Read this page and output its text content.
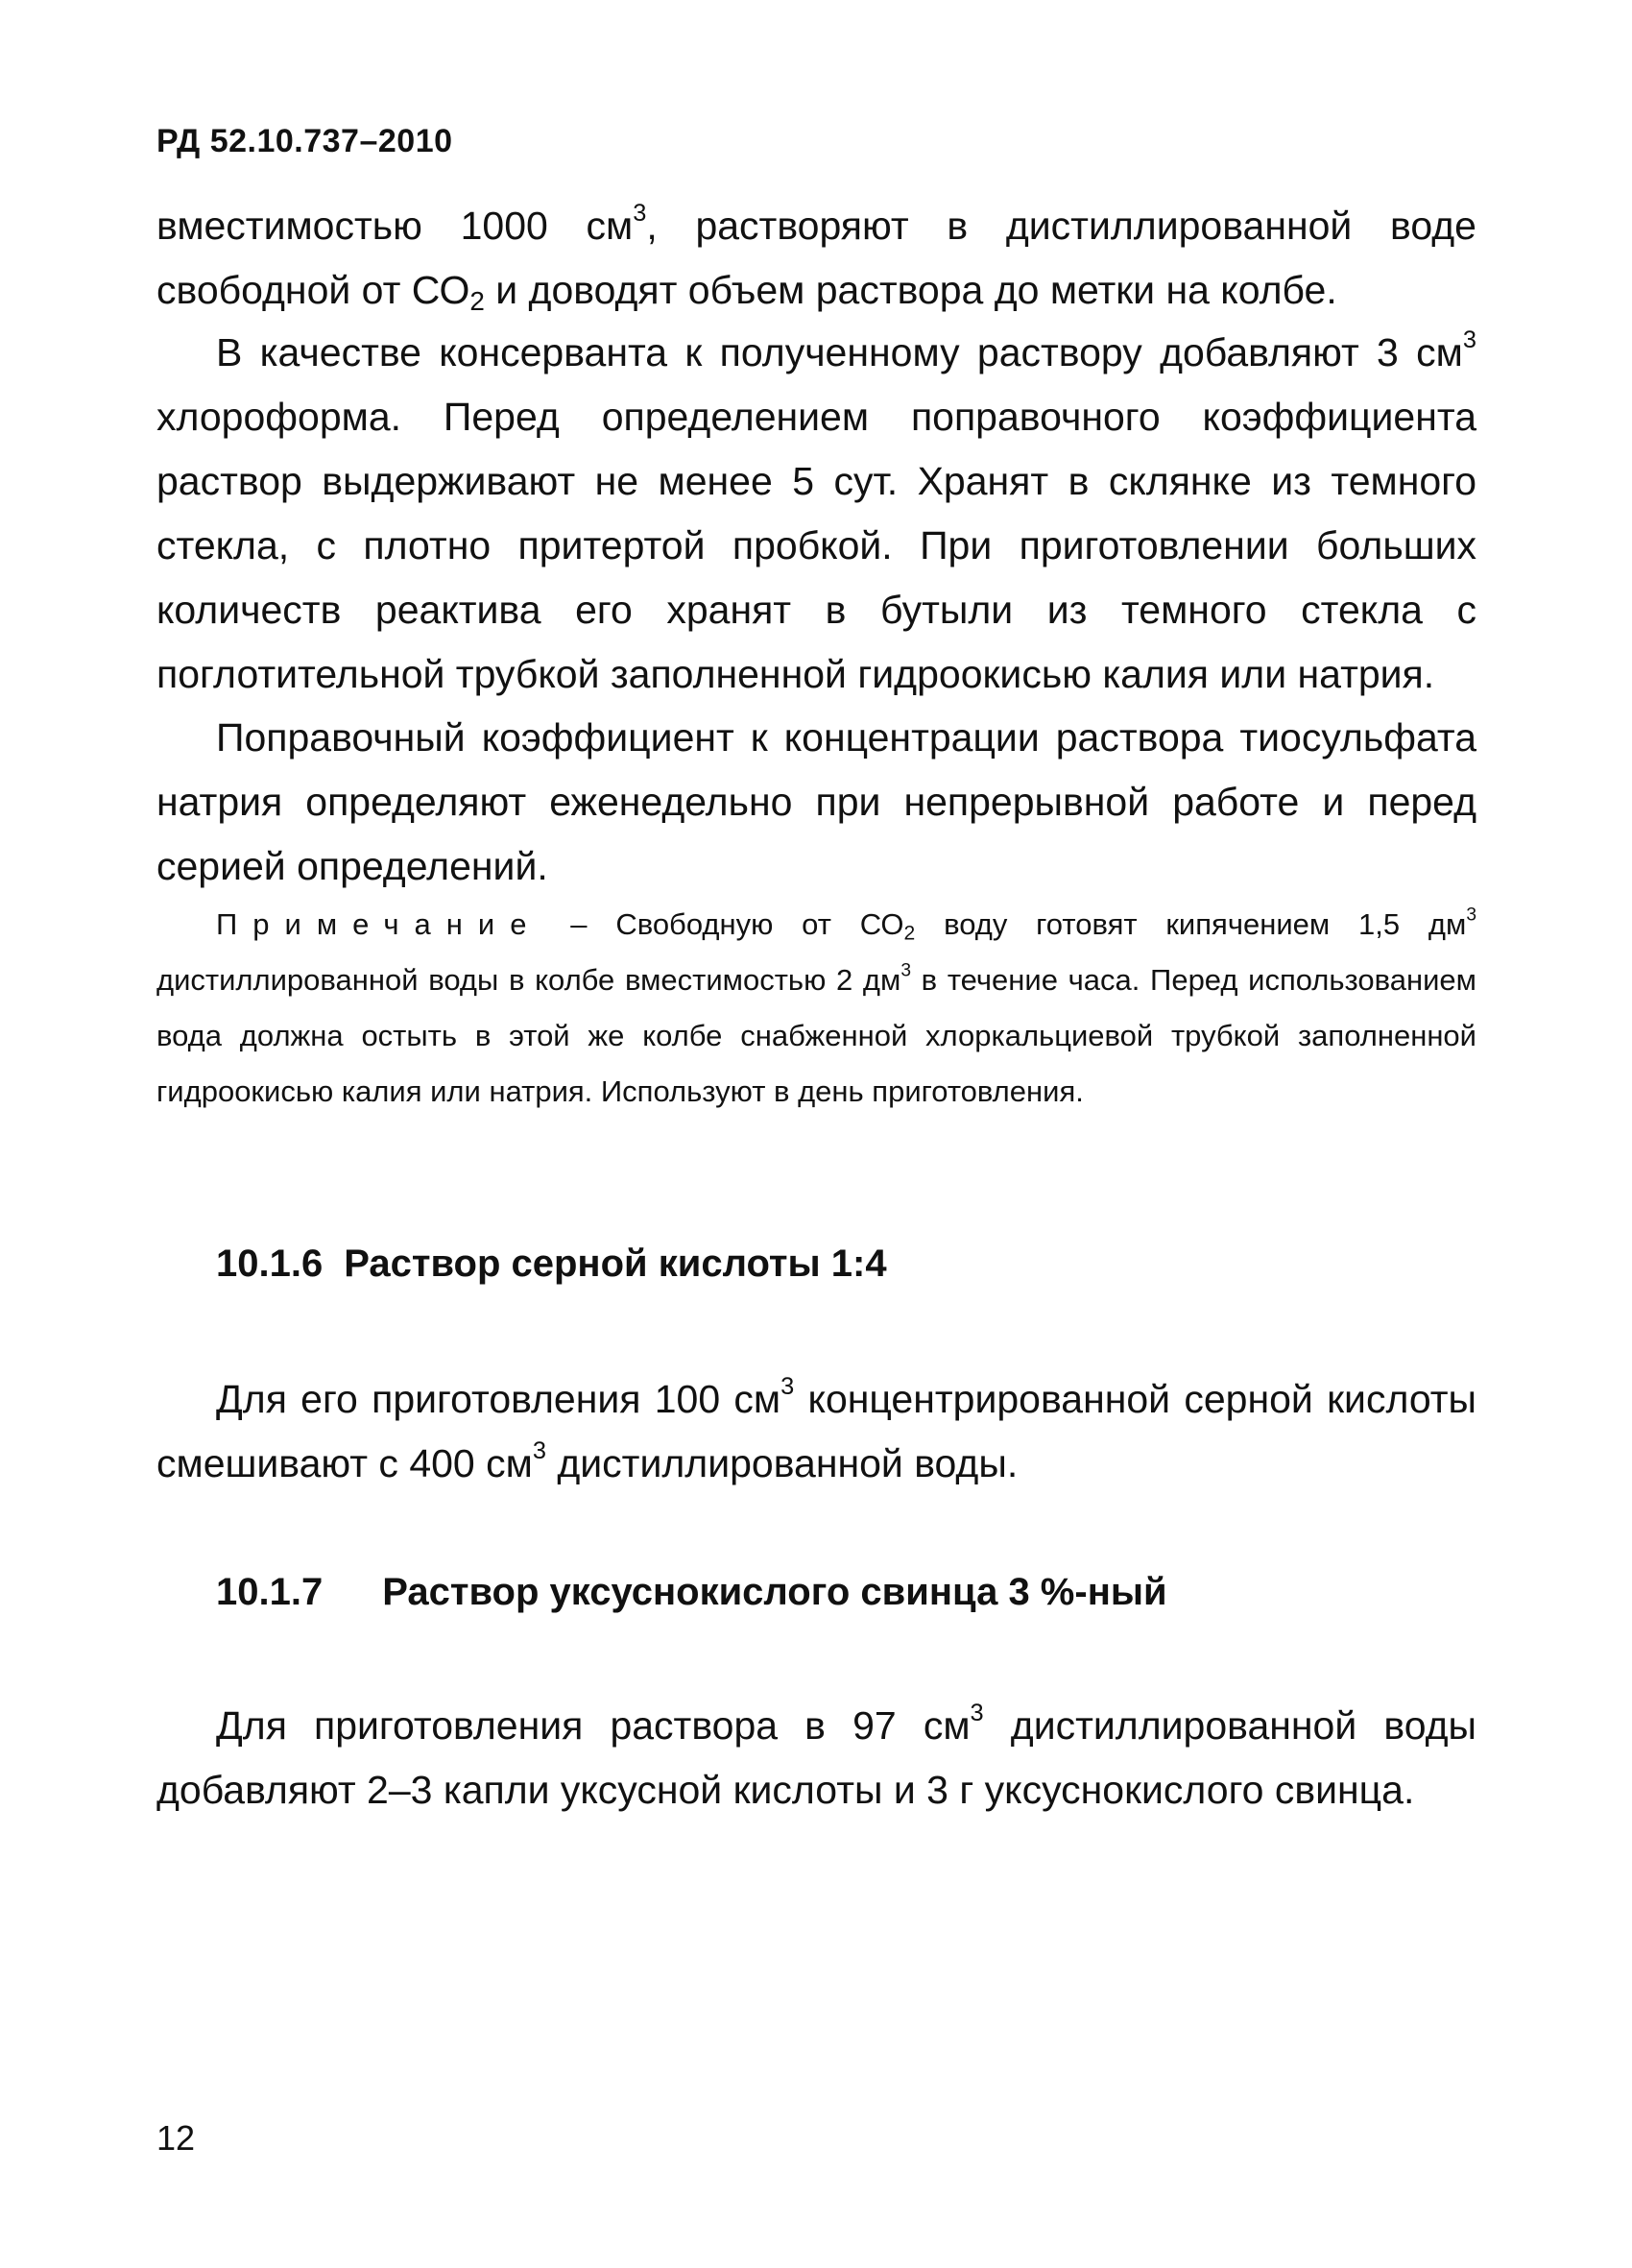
РД 52.10.737–2010
вместимостью 1000 $см^3$, растворяют в дистиллированной воде
свободной от $СО_2$ и доводят объем раствора до метки на колбе.

В качестве консерванта к полученному раствору добавляют 3 $см^3$ хлороформа. Перед определением поправочного коэффициента раствор выдерживают не менее 5 сут. Хранят в склянке из темного стекла, с плотно притертой пробкой. При приготовлении больших количеств реактива его хранят в бутыли из темного стекла с поглотительной трубкой заполненной гидроокисью калия или натрия.

Поправочный коэффициент к концентрации раствора тиосульфата натрия определяют еженедельно при непрерывной работе и перед серией определений.

Примечание – Свободную от $СО_2$ воду готовят кипячением 1,5 $дм^3$ дистиллированной воды в колбе вместимостью 2 $дм^3$ в течение часа. Перед использованием вода должна остыть в этой же колбе снабженной хлоркальциевой трубкой заполненной гидроокисью калия или натрия. Используют в день приготовления.

10.1.6 Раствор серной кислоты 1:4

Для его приготовления 100 $см^3$ концентрированной серной кислоты смешивают с 400 $см^3$ дистиллированной воды.

10.1.7 Раствор уксуснокислого свинца 3 %-ный

Для приготовления раствора в 97 $см^3$ дистиллированной воды добавляют 2–3 капли уксусной кислоты и 3 г уксуснокислого свинца.

12
